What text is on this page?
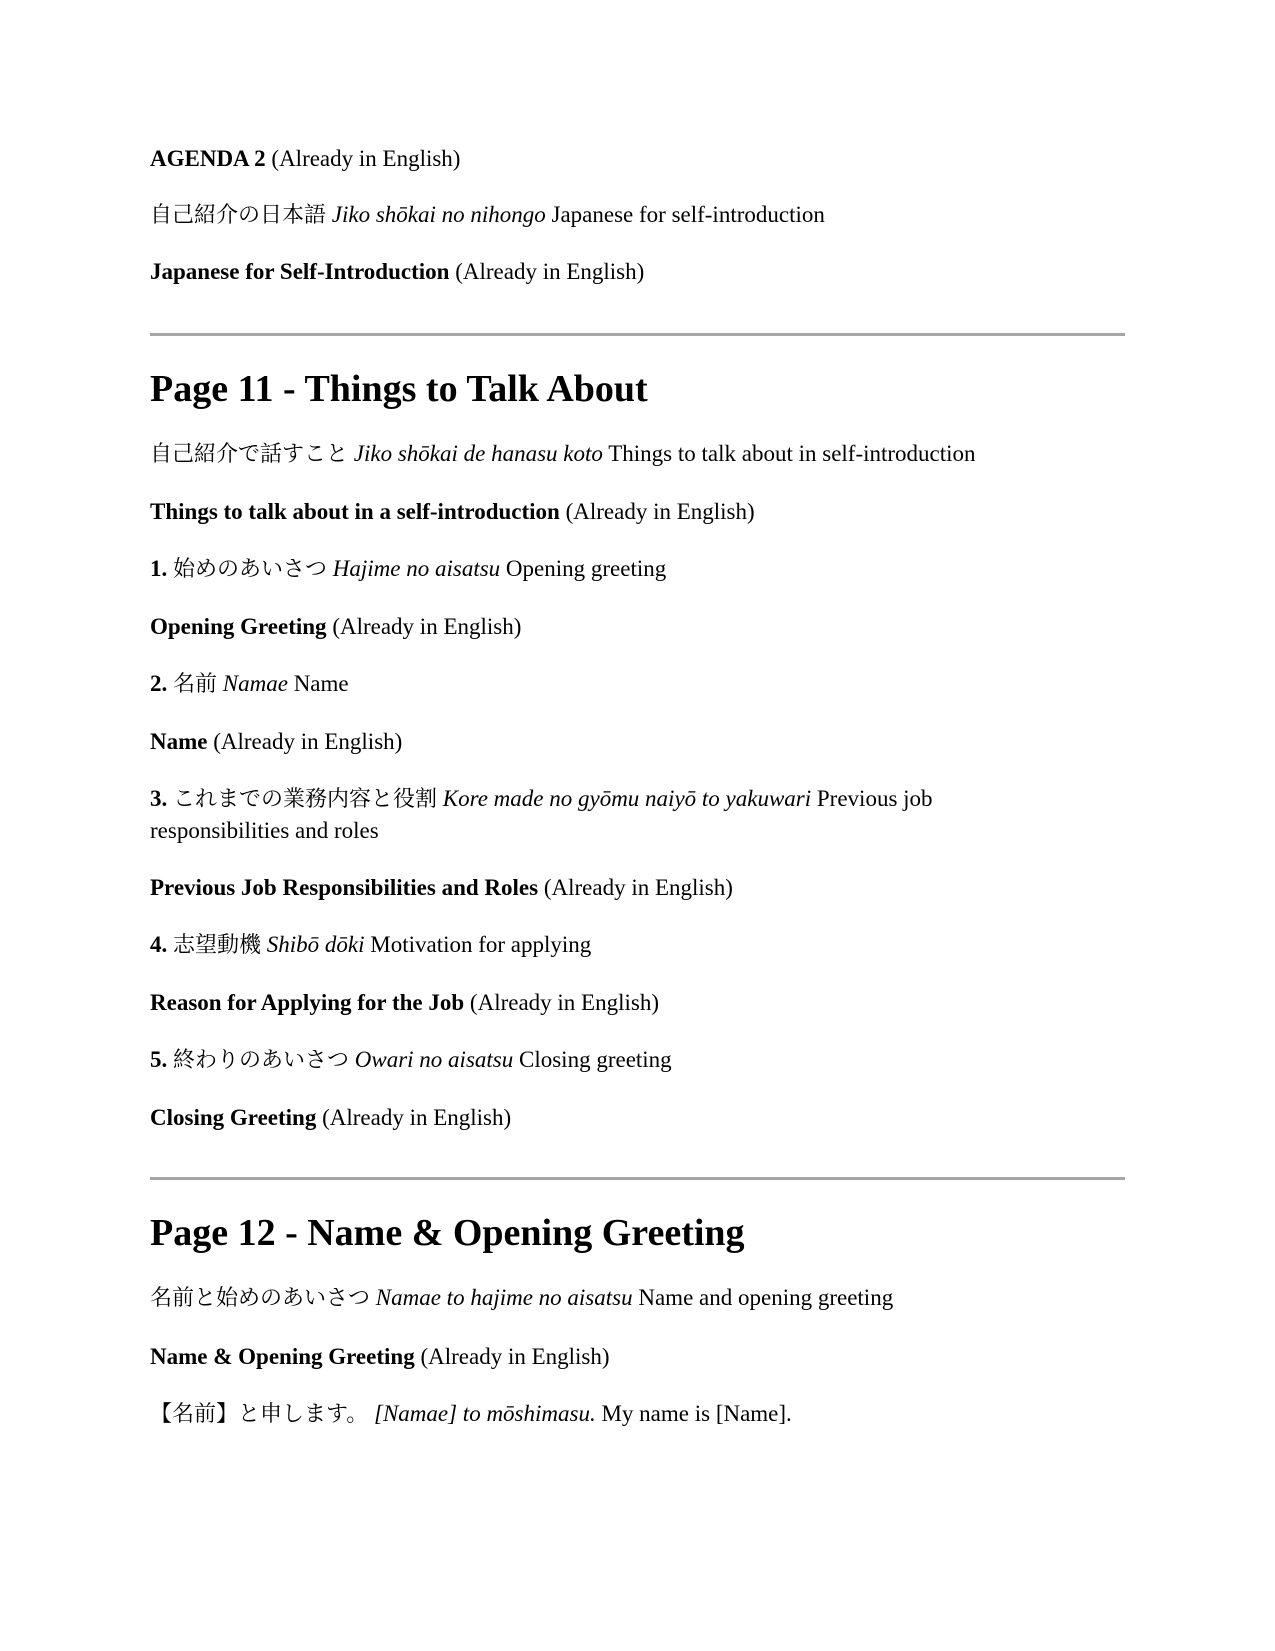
AGENDA 2 (Already in English)

自己紹介の日本語 Jiko shōkai no nihongo Japanese for self-introduction

Japanese for Self-Introduction (Already in English)

Page 11 - Things to Talk About

自己紹介で話すこと Jiko shōkai de hanasu koto Things to talk about in self-introduction

Things to talk about in a self-introduction (Already in English)

1. 始めのあいさつ Hajime no aisatsu Opening greeting

Opening Greeting (Already in English)

2. 名前 Namae Name

Name (Already in English)

3. これまでの業務内容と役割 Kore made no gyōmu naiyō to yakuwari Previous job responsibilities and roles

Previous Job Responsibilities and Roles (Already in English)

4. 志望動機 Shibō dōki Motivation for applying

Reason for Applying for the Job (Already in English)

5. 終わりのあいさつ Owari no aisatsu Closing greeting

Closing Greeting (Already in English)

Page 12 - Name & Opening Greeting

名前と始めのあいさつ Namae to hajime no aisatsu Name and opening greeting

Name & Opening Greeting (Already in English)

【名前】と申します。 [Namae] to mōshimasu. My name is [Name].
